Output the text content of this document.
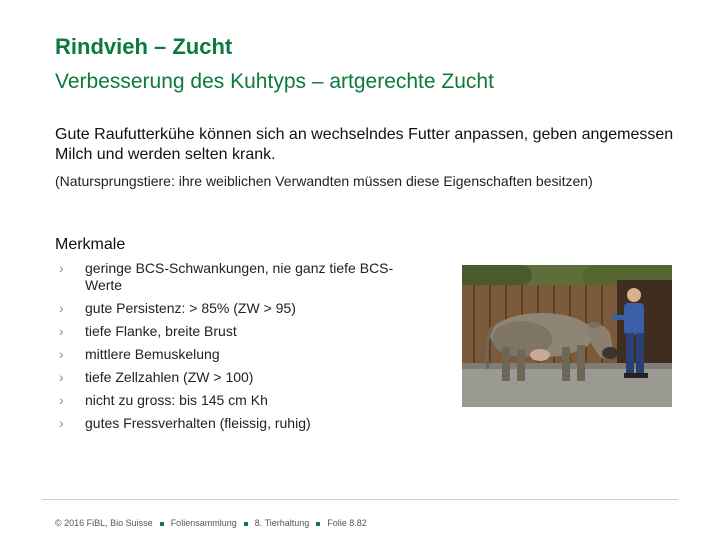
Rindvieh – Zucht
Verbesserung des Kuhtyps – artgerechte Zucht
Gute Raufutterkühe können sich an wechselndes Futter anpassen, geben angemessen Milch und werden selten krank.
(Natursprungstiere: ihre weiblichen Verwandten müssen diese Eigenschaften besitzen)
Merkmale
› geringe BCS-Schwankungen, nie ganz tiefe BCS-Werte
› gute Persistenz: > 85% (ZW > 95)
› tiefe Flanke, breite Brust
› mittlere Bemuskelung
› tiefe Zellzahlen (ZW > 100)
› nicht zu gross: bis 145 cm Kh
› gutes Fressverhalten (fleissig, ruhig)
© 2016 FiBL, Bio Suisse Foliensammlung 8. Tierhaltung Folie 8.82
